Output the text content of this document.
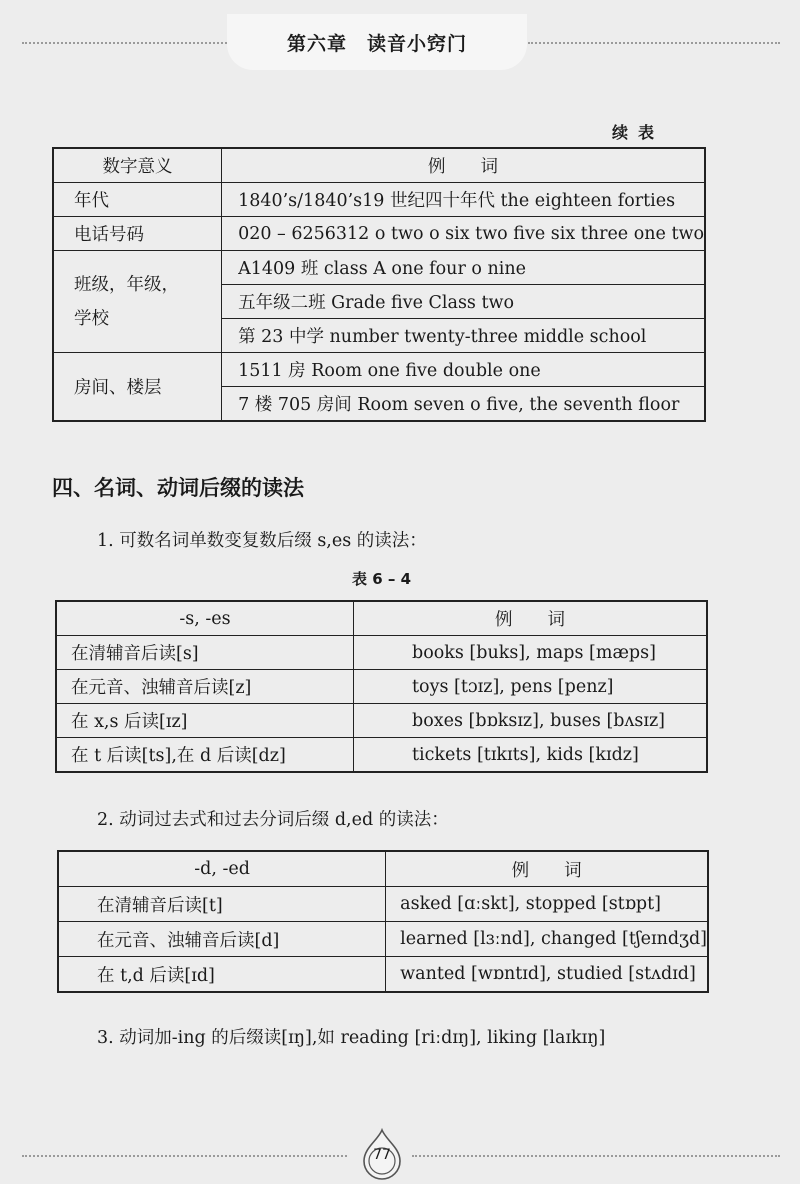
第六章　读音小窍门
续表
数字意义	例　　词
年代	1840’s/1840’s19 世纪四十年代 the eighteen forties
电话号码	020 – 6256312 o two o six two five six three one two
班级，年级，
学校	A1409 班 class A one four o nine
	五年级二班 Grade five Class two
	第 23 中学 number twenty-three middle school
房间、楼层	1511 房 Room one five double one
	7 楼 705 房间 Room seven o five, the seventh floor
四、名词、动词后缀的读法
1. 可数名词单数变复数后缀 s,es 的读法：
表 6 – 4
-s, -es	例　　词
在清辅音后读[s]	books [buks], maps [mæps]
在元音、浊辅音后读[z]	toys [tɔɪz], pens [penz]
在 x,s 后读[ɪz]	boxes [bɒksɪz], buses [bʌsɪz]
在 t 后读[ts],在 d 后读[dz]	tickets [tɪkɪts], kids [kɪdz]
2. 动词过去式和过去分词后缀 d,ed 的读法：
-d, -ed	例　　词
在清辅音后读[t]	asked [ɑːskt], stopped [stɒpt]
在元音、浊辅音后读[d]	learned [lɜːnd], changed [tʃeɪndʒd]
在 t,d 后读[ɪd]	wanted [wɒntɪd], studied [stʌdɪd]
3. 动词加-ing 的后缀读[ɪŋ],如 reading [riːdɪŋ], liking [laɪkɪŋ]
77
